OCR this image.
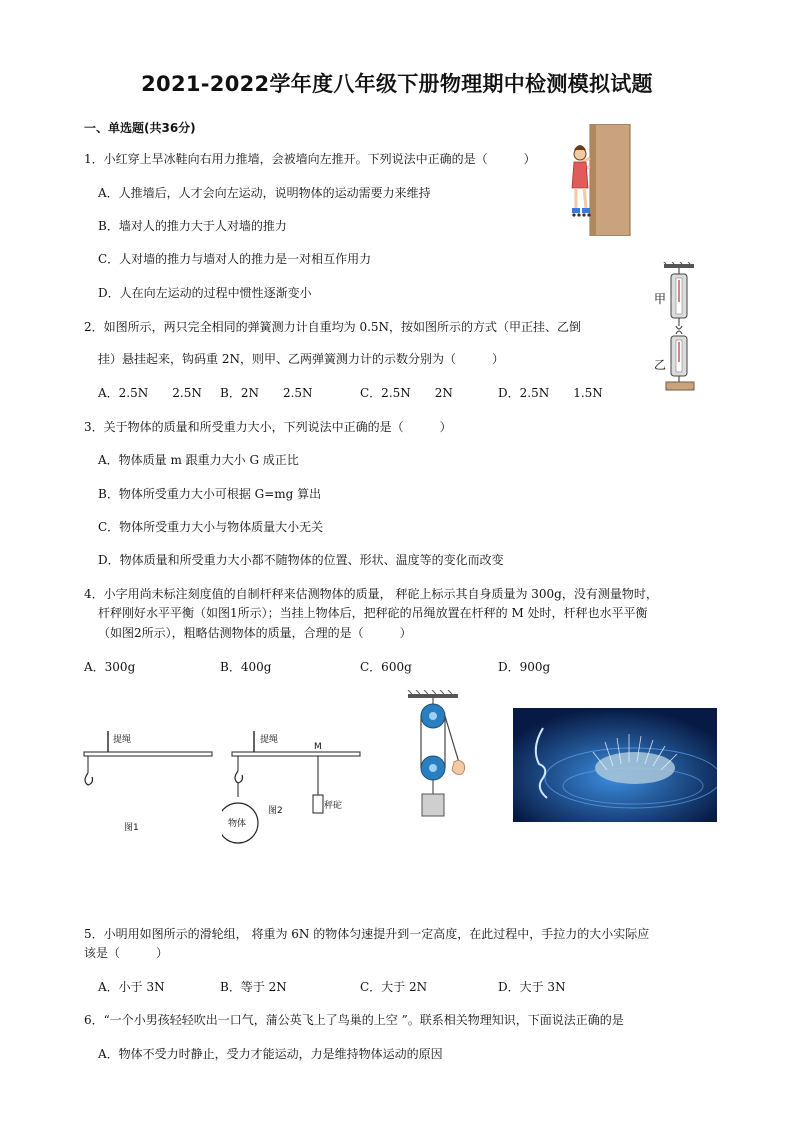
2021-2022学年度八年级下册物理期中检测模拟试题
一、单选题(共36分)
1．小红穿上旱冰鞋向右用力推墙，会被墙向左推开。下列说法中正确的是（　　　）
A．人推墙后，人才会向左运动，说明物体的运动需要力来维持
B．墙对人的推力大于人对墙的推力
C．人对墙的推力与墙对人的推力是一对相互作用力
D．人在向左运动的过程中惯性逐渐变小
2．如图所示，两只完全相同的弹簧测力计自重均为 0.5N，按如图所示的方式（甲正挂、乙倒
挂）悬挂起来，钩码重 2N，则甲、乙两弹簧测力计的示数分别为（　　　）
A．2.5N　　2.5N B．2N　　2.5N	C．2.5N　　2N	D．2.5N　　1.5N
甲
乙
3．关于物体的质量和所受重力大小，下列说法中正确的是（　　　）
A．物体质量 m 跟重力大小 G 成正比
B．物体所受重力大小可根据 G=mg 算出
C．物体所受重力大小与物体质量大小无关
D．物体质量和所受重力大小都不随物体的位置、形状、温度等的变化而改变
4．小字用尚未标注刻度值的自制杆秤来估测物体的质量， 秤砣上标示其自身质量为 300g，没有测量物时，
杆秤刚好水平平衡（如图1所示）；当挂上物体后，把秤砣的吊绳放置在杆秤的 M 处时，杆秤也水平平衡
（如图2所示），粗略估测物体的质量，合理的是（　　　）
A．300g	B．400g	C．600g	D．900g
提绳
图1
提绳
M
物体
图2	秤砣
5．小明用如图所示的滑轮组， 将重为 6N 的物体匀速提升到一定高度，在此过程中，手拉力的大小实际应
该是（　　　）
A．小于 3N	B．等于 2N	C．大于 2N	D．大于 3N
6．“一个小男孩轻轻吹出一口气，蒲公英飞上了鸟巢的上空 ”。联系相关物理知识，下面说法正确的是
A．物体不受力时静止，受力才能运动，力是维持物体运动的原因
